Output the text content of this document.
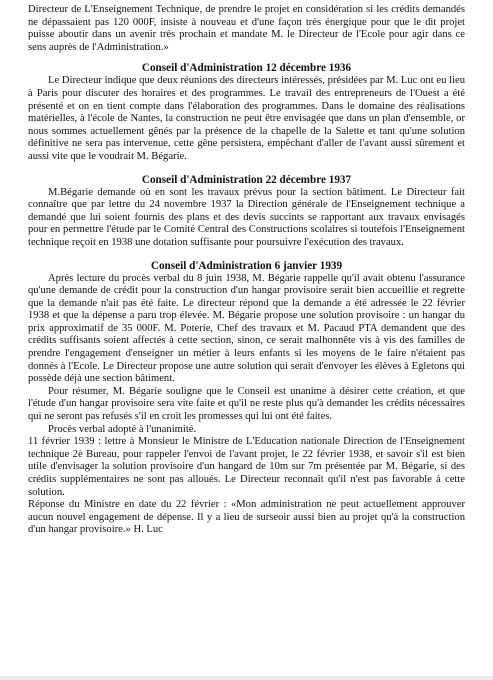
Directeur de L'Enseignement Technique, de prendre le projet en considération si les crédits demandés ne dépassaient pas 120 000F, insiste à nouveau et d'une façon très énergique pour que le dit projet puisse aboutir dans un avenir très prochain et mandate M. le Directeur de l'Ecole pour agir dans ce sens auprès de l'Administration.»

Conseil d'Administration 12 décembre 1936

Le Directeur indique que deux réunions des directeurs intéressés, présidées par M. Luc ont eu lieu à Paris pour discuter des horaires et des programmes. Le travail des entrepreneurs de l'Ouest a été présenté et on en tient compte dans l'élaboration des programmes. Dans le domaine des réalisations matérielles, à l'école de Nantes, la construction ne peut être envisagée que dans un plan d'ensemble, or nous sommes actuellement gênés par la présence de la chapelle de la Salette et tant qu'une solution définitive ne sera pas intervenue, cette gêne persistera, empêchant d'aller de l'avant aussi sûrement et aussi vite que le voudrait M. Bégarie.

Conseil d'Administration 22 décembre 1937

M.Bégarie demande où en sont les travaux prévus pour la section bâtiment. Le Directeur fait connaître que par lettre du 24 novembre 1937 la Direction générale de l'Enseignement technique a demandé que lui soient fournis des plans et des devis succints se rapportant aux travaux envisagés pour en permettre l'étude par le Comité Central des Constructions scolaires si toutefois l'Enseignement technique reçoit en 1938 une dotation suffisante pour poursuivre l'exécution des travaux.

Conseil d'Administration 6 janvier 1939

Après lecture du procès verbal du 8 juin 1938, M. Bégarie rappelle qu'il avait obtenu l'assurance qu'une demande de crédit pour la construction d'un hangar provisoire serait bien accueillie et regrette que la demande n'ait pas été faite. Le directeur répond que la demande a été adressée le 22 février 1938 et que la dépense a paru trop élevée. M. Bégarie propose une solution provisoire : un hangar du prix approximatif de 35 000F. M. Poterie, Chef des travaux et M. Pacaud PTA demandent que des crédits suffisants soient affectés à cette section, sinon, ce serait malhonnête vis à vis des familles de prendre l'engagement d'enseigner un métier à leurs enfants si les moyens de le faire n'étaient pas donnés à l'Ecole. Le Directeur propose une autre solution qui serait d'envoyer les élèves à Egletons qui possède déjà une section bâtiment.

Pour résumer, M. Bégarie souligne que le Conseil est unanime à désirer cette création, et que l'étude d'un hangar provisoire sera vite faite et qu'il ne reste plus qu'à demander les crédits nécessaires qui ne seront pas refusés s'il en croit les promesses qui lui ont été faites.

Procès verbal adopté à l'unanimité.

11 février 1939 : lettre à Monsieur le Ministre de L'Education nationale Direction de l'Enseignement technique 2è Bureau, pour rappeler l'envoi de l'avant projet, le 22 février 1938, et savoir s'il est bien utile d'envisager la solution provisoire d'un hangard de 10m sur 7m présentée par M. Bégarie, si des crédits supplémentaires ne sont pas alloués. Le Directeur reconnaît qu'il n'est pas favorable à cette solution.

Réponse du Ministre en date du 22 février : «Mon administration ne peut actuellement approuver aucun nouvel engagement de dépense. Il y a lieu de surseoir aussi bien au projet qu'à la construction d'un hangar provisoire.» H. Luc
